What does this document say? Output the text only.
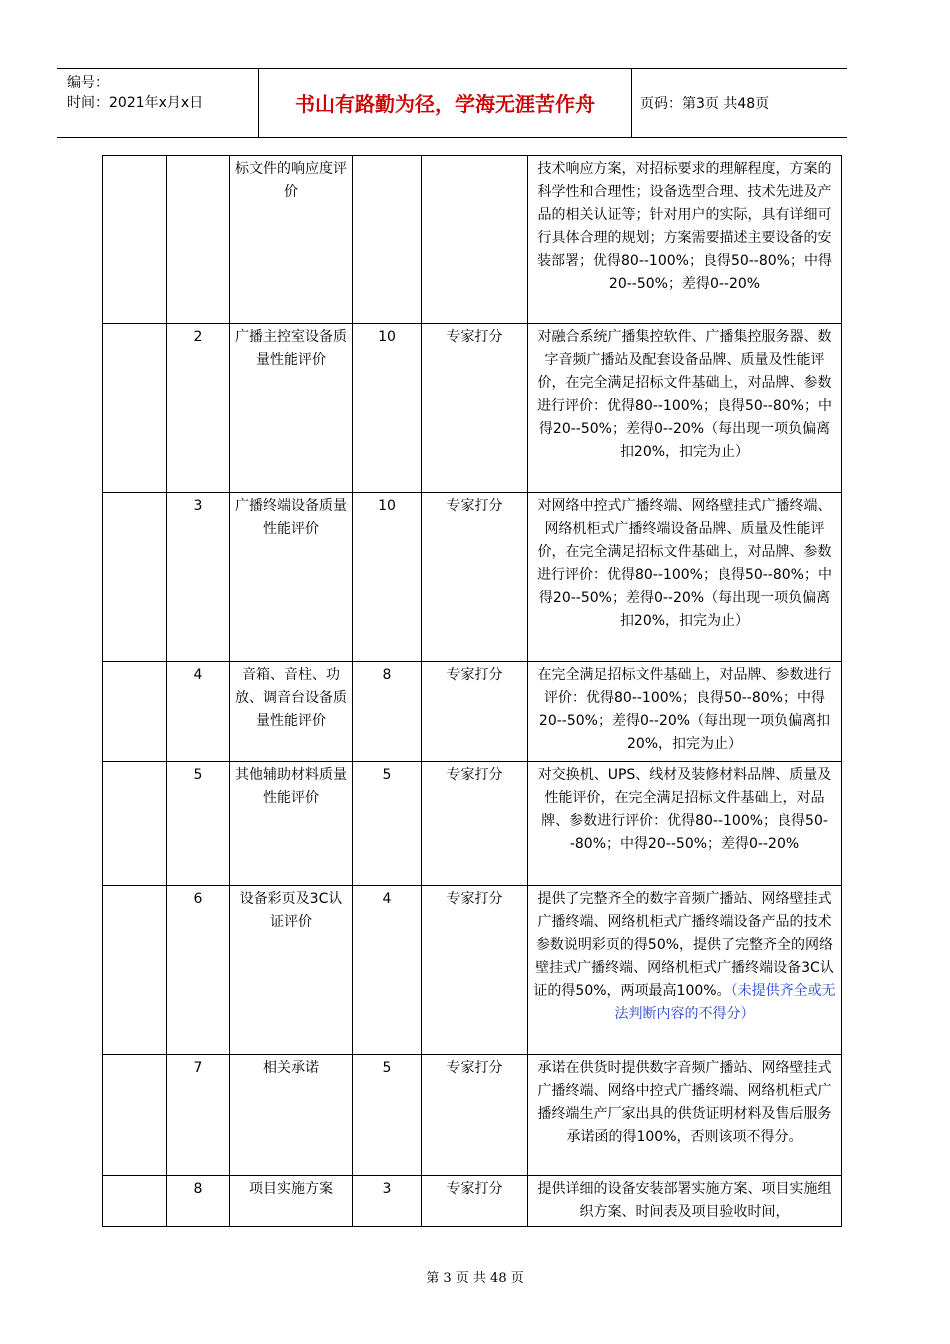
编号：
时间：2021年x月x日	书山有路勤为径，学海无涯苦作舟	页码：第3页 共48页
		标文件的响应度评价			技术响应方案，对招标要求的理解程度，方案的科学性和合理性；设备选型合理、技术先进及产品的相关认证等；针对用户的实际，具有详细可行具体合理的规划；方案需要描述主要设备的安装部署；优得80--100%；良得50--80%；中得20--50%；差得0--20%
	2	广播主控室设备质量性能评价	10	专家打分	对融合系统广播集控软件、广播集控服务器、数字音频广播站及配套设备品牌、质量及性能评价，在完全满足招标文件基础上，对品牌、参数进行评价：优得80--100%；良得50--80%；中得20--50%；差得0--20%（每出现一项负偏离扣20%，扣完为止）
	3	广播终端设备质量性能评价	10	专家打分	对网络中控式广播终端、网络壁挂式广播终端、网络机柜式广播终端设备品牌、质量及性能评价，在完全满足招标文件基础上，对品牌、参数进行评价：优得80--100%；良得50--80%；中得20--50%；差得0--20%（每出现一项负偏离扣20%，扣完为止）
	4	音箱、音柱、功放、调音台设备质量性能评价	8	专家打分	在完全满足招标文件基础上，对品牌、参数进行评价：优得80--100%；良得50--80%；中得20--50%；差得0--20%（每出现一项负偏离扣20%，扣完为止）
	5	其他辅助材料质量性能评价	5	专家打分	对交换机、UPS、线材及装修材料品牌、质量及性能评价，在完全满足招标文件基础上，对品牌、参数进行评价：优得80--100%；良得50--80%；中得20--50%；差得0--20%
	6	设备彩页及3C认证评价	4	专家打分	提供了完整齐全的数字音频广播站、网络壁挂式广播终端、网络机柜式广播终端设备产品的技术参数说明彩页的得50%，提供了完整齐全的网络壁挂式广播终端、网络机柜式广播终端设备3C认证的得50%，两项最高100%。（未提供齐全或无法判断内容的不得分）
	7	相关承诺	5	专家打分	承诺在供货时提供数字音频广播站、网络壁挂式广播终端、网络中控式广播终端、网络机柜式广播终端生产厂家出具的供货证明材料及售后服务承诺函的得100%，否则该项不得分。
	8	项目实施方案	3	专家打分	提供详细的设备安装部署实施方案、项目实施组织方案、时间表及项目验收时间，
第 3 页 共 48 页
